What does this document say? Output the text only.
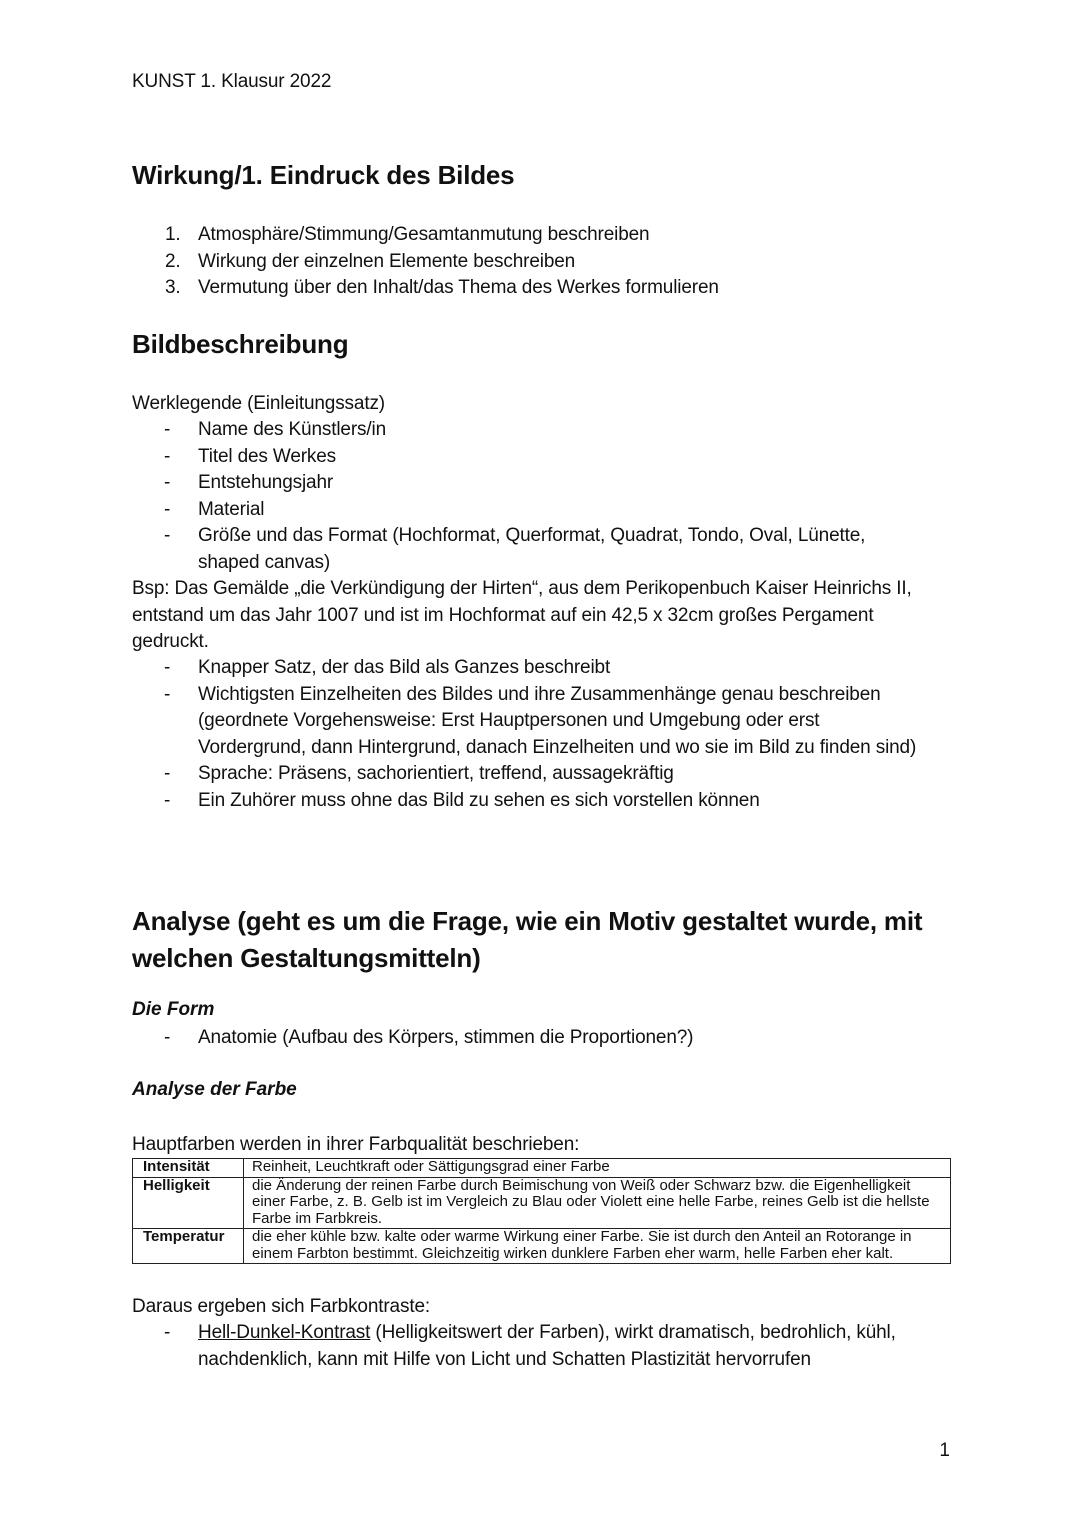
KUNST 1. Klausur 2022
Wirkung/1. Eindruck des Bildes
1. Atmosphäre/Stimmung/Gesamtanmutung beschreiben
2. Wirkung der einzelnen Elemente beschreiben
3. Vermutung über den Inhalt/das Thema des Werkes formulieren
Bildbeschreibung
Werklegende (Einleitungssatz)
-	Name des Künstlers/in
-	Titel des Werkes
-	Entstehungsjahr
-	Material
-	Größe und das Format (Hochformat, Querformat, Quadrat, Tondo, Oval, Lünette, shaped canvas)
Bsp: Das Gemälde „die Verkündigung der Hirten“, aus dem Perikopenbuch Kaiser Heinrichs II, entstand um das Jahr 1007 und ist im Hochformat auf ein 42,5 x 32cm großes Pergament gedruckt.
-	Knapper Satz, der das Bild als Ganzes beschreibt
-	Wichtigsten Einzelheiten des Bildes und ihre Zusammenhänge genau beschreiben (geordnete Vorgehensweise: Erst Hauptpersonen und Umgebung oder erst Vordergrund, dann Hintergrund, danach Einzelheiten und wo sie im Bild zu finden sind)
-	Sprache: Präsens, sachorientiert, treffend, aussagekräftig
-	Ein Zuhörer muss ohne das Bild zu sehen es sich vorstellen können
Analyse (geht es um die Frage, wie ein Motiv gestaltet wurde, mit welchen Gestaltungsmitteln)
Die Form
-	Anatomie (Aufbau des Körpers, stimmen die Proportionen?)
Analyse der Farbe
Hauptfarben werden in ihrer Farbqualität beschrieben:
Intensität	Reinheit, Leuchtkraft oder Sättigungsgrad einer Farbe
Helligkeit	die Änderung der reinen Farbe durch Beimischung von Weiß oder Schwarz bzw. die Eigenhelligkeit einer Farbe, z. B. Gelb ist im Vergleich zu Blau oder Violett eine helle Farbe, reines Gelb ist die hellste Farbe im Farbkreis.
Temperatur	die eher kühle bzw. kalte oder warme Wirkung einer Farbe. Sie ist durch den Anteil an Rotorange in einem Farbton bestimmt. Gleichzeitig wirken dunklere Farben eher warm, helle Farben eher kalt.
Daraus ergeben sich Farbkontraste:
-	Hell-Dunkel-Kontrast (Helligkeitswert der Farben), wirkt dramatisch, bedrohlich, kühl, nachdenklich, kann mit Hilfe von Licht und Schatten Plastizität hervorrufen
1
